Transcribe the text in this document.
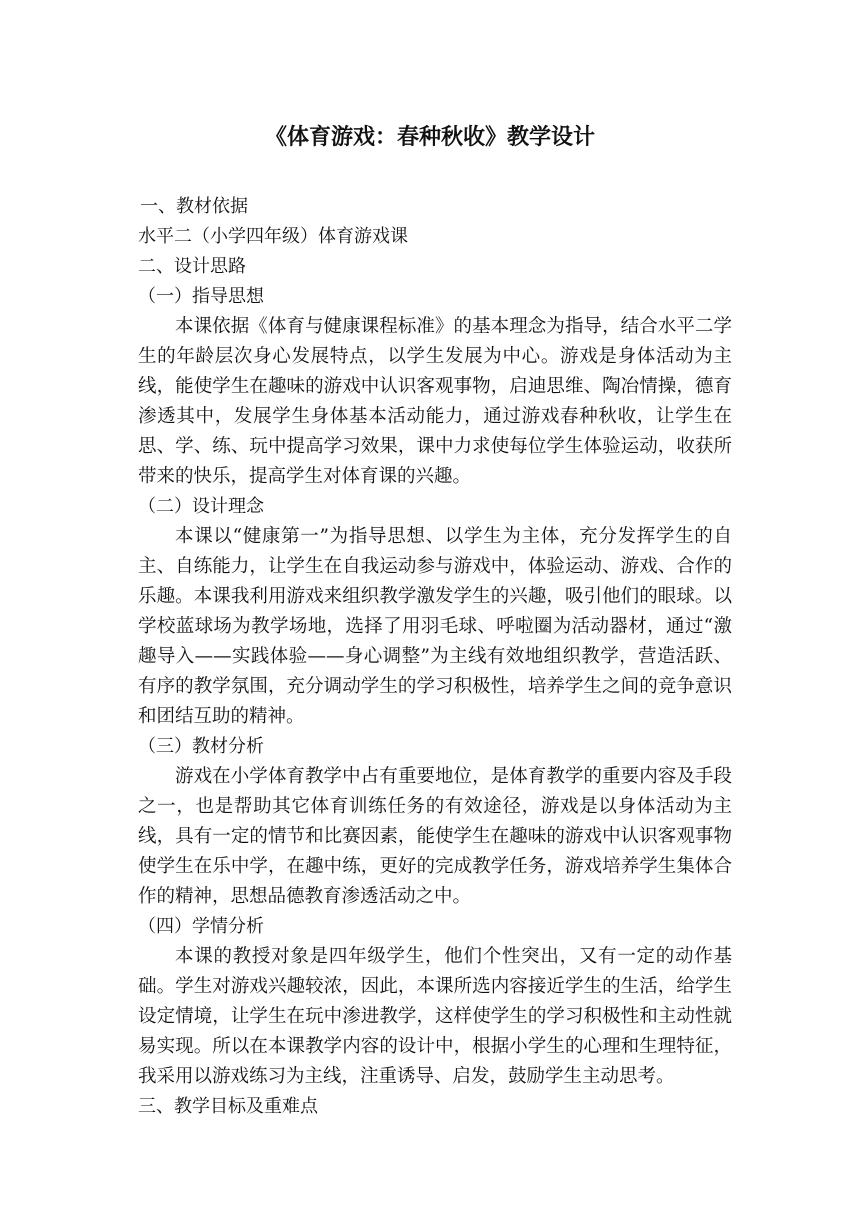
《体育游戏：春种秋收》教学设计

一、教材依据

水平二（小学四年级）体育游戏课

二、设计思路

（一）指导思想

本课依据《体育与健康课程标准》的基本理念为指导，结合水平二学生的年龄层次身心发展特点，以学生发展为中心。游戏是身体活动为主线，能使学生在趣味的游戏中认识客观事物，启迪思维、陶冶情操，德育渗透其中，发展学生身体基本活动能力，通过游戏春种秋收，让学生在思、学、练、玩中提高学习效果，课中力求使每位学生体验运动，收获所带来的快乐，提高学生对体育课的兴趣。

（二）设计理念

本课以“健康第一”为指导思想、以学生为主体，充分发挥学生的自主、自练能力，让学生在自我运动参与游戏中，体验运动、游戏、合作的乐趣。本课我利用游戏来组织教学激发学生的兴趣，吸引他们的眼球。以学校蓝球场为教学场地，选择了用羽毛球、呼啦圈为活动器材，通过“激趣导入——实践体验——身心调整”为主线有效地组织教学，营造活跃、有序的教学氛围，充分调动学生的学习积极性，培养学生之间的竞争意识和团结互助的精神。

（三）教材分析

游戏在小学体育教学中占有重要地位，是体育教学的重要内容及手段之一，也是帮助其它体育训练任务的有效途径，游戏是以身体活动为主线，具有一定的情节和比赛因素，能使学生在趣味的游戏中认识客观事物使学生在乐中学，在趣中练，更好的完成教学任务，游戏培养学生集体合作的精神，思想品德教育渗透活动之中。

（四）学情分析

本课的教授对象是四年级学生，他们个性突出，又有一定的动作基础。学生对游戏兴趣较浓，因此，本课所选内容接近学生的生活，给学生设定情境，让学生在玩中渗进教学，这样使学生的学习积极性和主动性就易实现。所以在本课教学内容的设计中，根据小学生的心理和生理特征，我采用以游戏练习为主线，注重诱导、启发，鼓励学生主动思考。

三、教学目标及重难点
